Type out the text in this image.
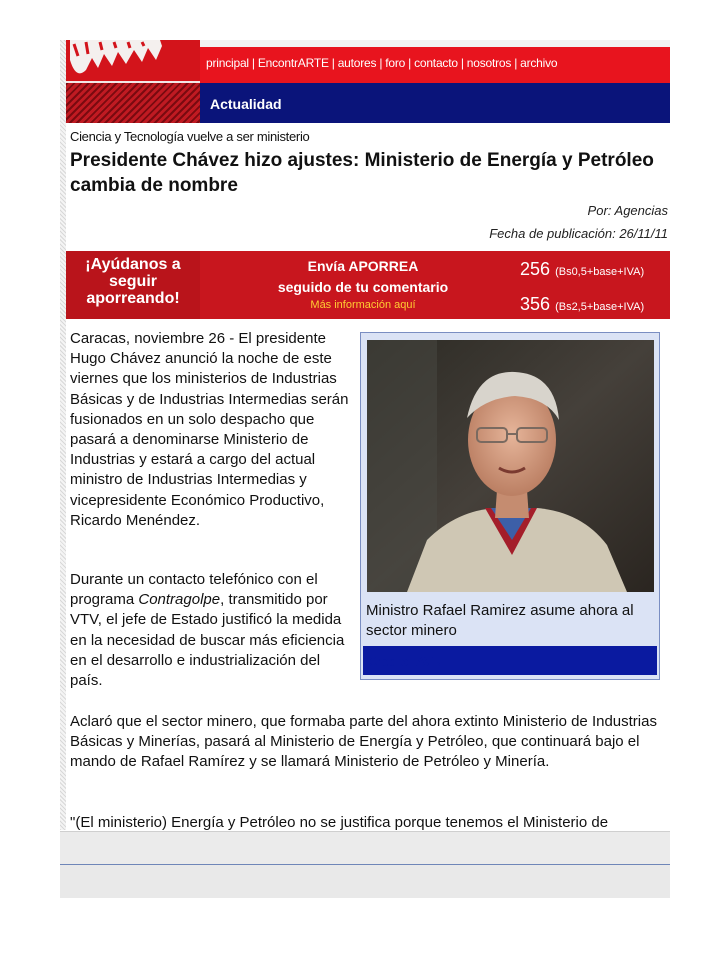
principal | EncontrARTE | autores | foro | contacto | nosotros | archivo
Actualidad
Ciencia y Tecnología vuelve a ser ministerio
Presidente Chávez hizo ajustes: Ministerio de Energía y Petróleo cambia de nombre
Por: Agencias
Fecha de publicación: 26/11/11
¡Ayúdanos a
seguir
aporreando!
Envía APORREA
seguido de tu comentario
Más información aquí
256 (Bs0,5+base+IVA)
356 (Bs2,5+base+IVA)
Caracas, noviembre 26 - El presidente Hugo Chávez anunció la noche de este viernes que los ministerios de Industrias Básicas y de Industrias Intermedias serán fusionados en un solo despacho que pasará a denominarse Ministerio de Industrias y estará a cargo del actual ministro de Industrias Intermedias y vicepresidente Económico Productivo, Ricardo Menéndez.
Durante un contacto telefónico con el programa Contragolpe, transmitido por VTV, el jefe de Estado justificó la medida en la necesidad de buscar más eficiencia en el desarrollo e industrialización del país.
Aclaró que el sector minero, que formaba parte del ahora extinto Ministerio de Industrias Básicas y Minerías, pasará al Ministerio de Energía y Petróleo, que continuará bajo el mando de Rafael Ramírez y se llamará Ministerio de Petróleo y Minería.
"(El ministerio) Energía y Petróleo no se justifica porque tenemos el Ministerio de
Ministro Rafael Ramirez asume ahora al sector minero
Credito: AVN
